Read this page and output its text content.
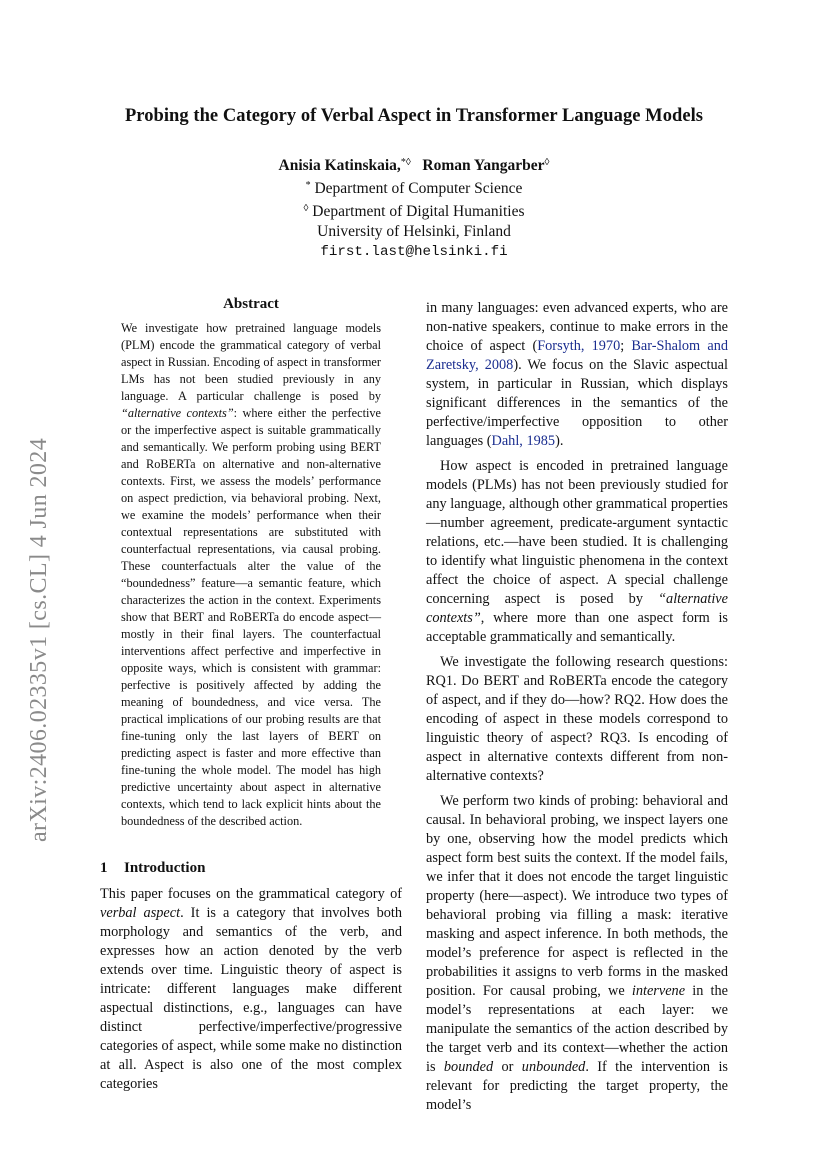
Probing the Category of Verbal Aspect in Transformer Language Models
Anisia Katinskaia,*◊ Roman Yangarber◊
* Department of Computer Science
◊ Department of Digital Humanities
University of Helsinki, Finland
first.last@helsinki.fi
arXiv:2406.02335v1 [cs.CL] 4 Jun 2024
Abstract

We investigate how pretrained language models (PLM) encode the grammatical category of verbal aspect in Russian. Encoding of aspect in transformer LMs has not been studied previously in any language. A particular challenge is posed by “alternative contexts”: where either the perfective or the imperfective aspect is suitable grammatically and semantically. We perform probing using BERT and RoBERTa on alternative and non-alternative contexts. First, we assess the models’ performance on aspect prediction, via behavioral probing. Next, we examine the models’ performance when their contextual representations are substituted with counterfactual representations, via causal probing. These counterfactuals alter the value of the “boundedness” feature—a semantic feature, which characterizes the action in the context. Experiments show that BERT and RoBERTa do encode aspect—mostly in their final layers. The counterfactual interventions affect perfective and imperfective in opposite ways, which is consistent with grammar: perfective is positively affected by adding the meaning of boundedness, and vice versa. The practical implications of our probing results are that fine-tuning only the last layers of BERT on predicting aspect is faster and more effective than fine-tuning the whole model. The model has high predictive uncertainty about aspect in alternative contexts, which tend to lack explicit hints about the boundedness of the described action.

1 Introduction

This paper focuses on the grammatical category of verbal aspect. It is a category that involves both morphology and semantics of the verb, and expresses how an action denoted by the verb extends over time. Linguistic theory of aspect is intricate: different languages make different aspectual distinctions, e.g., languages can have distinct perfective/imperfective/progressive categories of aspect, while some make no distinction at all. Aspect is also one of the most complex categories

in many languages: even advanced experts, who are non-native speakers, continue to make errors in the choice of aspect (Forsyth, 1970; Bar-Shalom and Zaretsky, 2008). We focus on the Slavic aspectual system, in particular in Russian, which displays significant differences in the semantics of the perfective/imperfective opposition to other languages (Dahl, 1985).

How aspect is encoded in pretrained language models (PLMs) has not been previously studied for any language, although other grammatical properties—number agreement, predicate-argument syntactic relations, etc.—have been studied. It is challenging to identify what linguistic phenomena in the context affect the choice of aspect. A special challenge concerning aspect is posed by “alternative contexts”, where more than one aspect form is acceptable grammatically and semantically.

We investigate the following research questions: RQ1. Do BERT and RoBERTa encode the category of aspect, and if they do—how? RQ2. How does the encoding of aspect in these models correspond to linguistic theory of aspect? RQ3. Is encoding of aspect in alternative contexts different from non-alternative contexts?

We perform two kinds of probing: behavioral and causal. In behavioral probing, we inspect layers one by one, observing how the model predicts which aspect form best suits the context. If the model fails, we infer that it does not encode the target linguistic property (here—aspect). We introduce two types of behavioral probing via filling a mask: iterative masking and aspect inference. In both methods, the model’s preference for aspect is reflected in the probabilities it assigns to verb forms in the masked position. For causal probing, we intervene in the model’s representations at each layer: we manipulate the semantics of the action described by the target verb and its context—whether the action is bounded or unbounded. If the intervention is relevant for predicting the target property, the model’s
